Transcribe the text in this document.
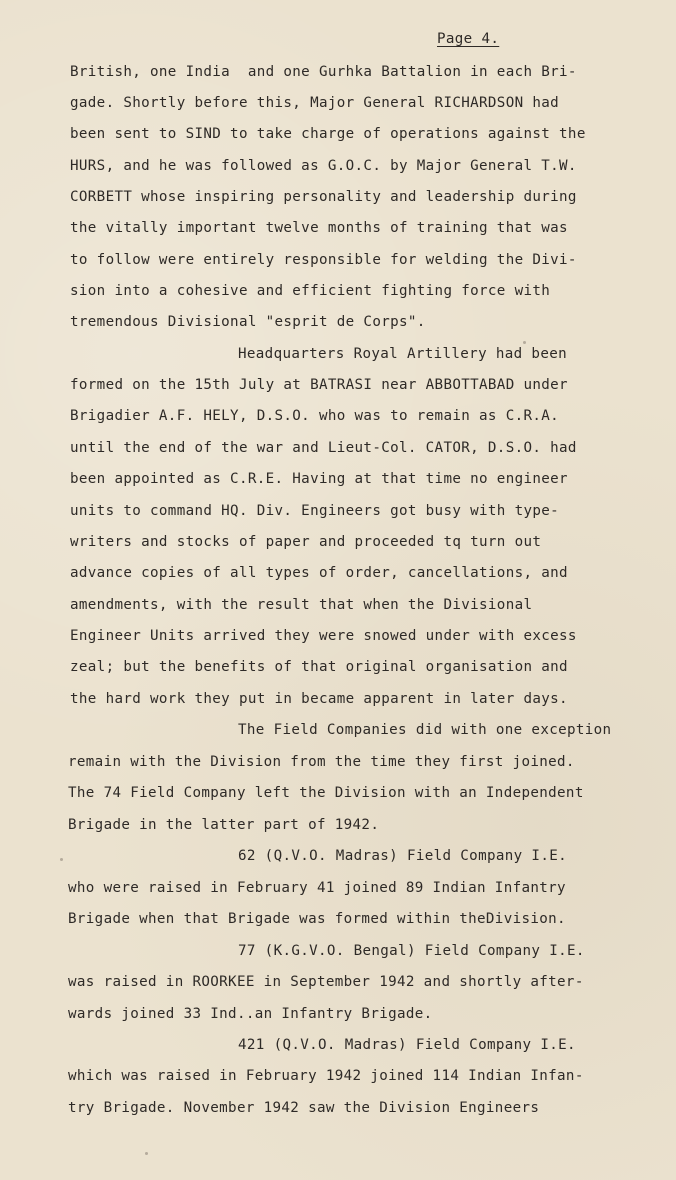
Page 4.
British, one India  and one Gurhka Battalion in each Bri-
gade. Shortly before this, Major General RICHARDSON had
been sent to SIND to take charge of operations against the
HURS, and he was followed as G.O.C. by Major General T.W.
CORBETT whose inspiring personality and leadership during
the vitally important twelve months of training that was
to follow were entirely responsible for welding the Divi-
sion into a cohesive and efficient fighting force with
tremendous Divisional "esprit de Corps".
Headquarters Royal Artillery had been
formed on the 15th July at BATRASI near ABBOTTABAD under
Brigadier A.F. HELY, D.S.O. who was to remain as C.R.A.
until the end of the war and Lieut-Col. CATOR, D.S.O. had
been appointed as C.R.E. Having at that time no engineer
units to command HQ. Div. Engineers got busy with type-
writers and stocks of paper and proceeded tq turn out
advance copies of all types of order, cancellations, and
amendments, with the result that when the Divisional
Engineer Units arrived they were snowed under with excess
zeal; but the benefits of that original organisation and
the hard work they put in became apparent in later days.
The Field Companies did with one exception
remain with the Division from the time they first joined.
The 74 Field Company left the Division with an Independent
Brigade in the latter part of 1942.
62 (Q.V.O. Madras) Field Company I.E.
who were raised in February 41 joined 89 Indian Infantry
Brigade when that Brigade was formed within theDivision.
77 (K.G.V.O. Bengal) Field Company I.E.
was raised in ROORKEE in September 1942 and shortly after-
wards joined 33 Ind..an Infantry Brigade.
421 (Q.V.O. Madras) Field Company I.E.
which was raised in February 1942 joined 114 Indian Infan-
try Brigade. November 1942 saw the Division Engineers
